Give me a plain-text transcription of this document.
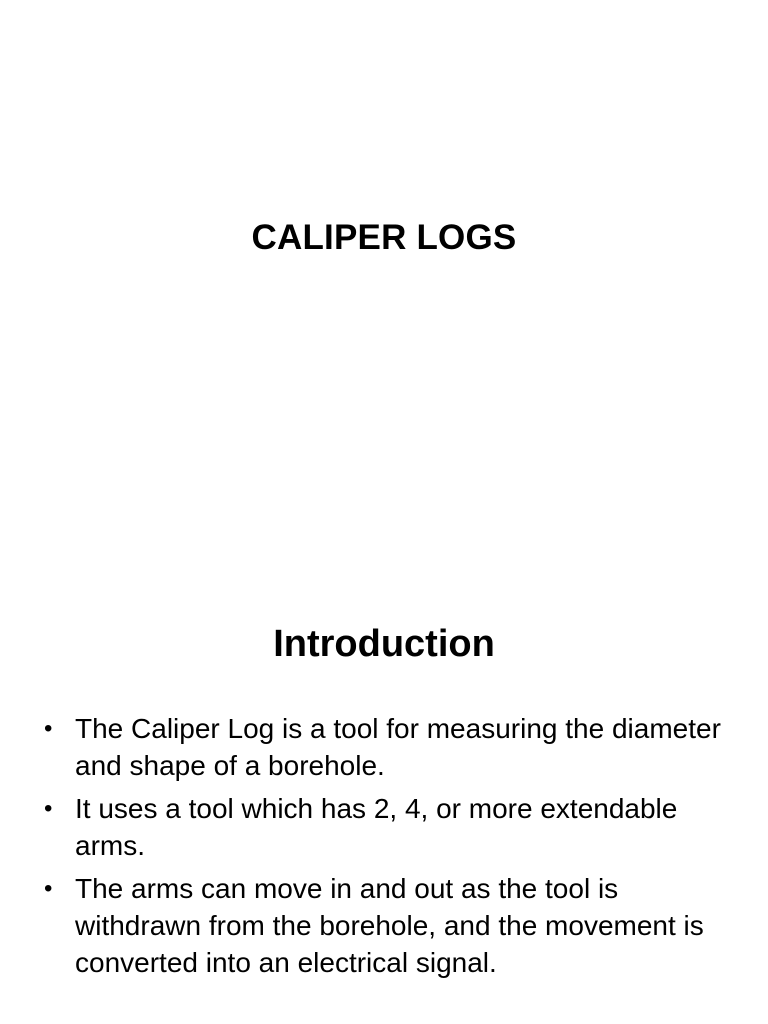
CALIPER LOGS
Introduction
• The Caliper Log is a tool for measuring the diameter and shape of a borehole.
• It uses a tool which has 2, 4, or more extendable arms.
• The arms can move in and out as the tool is withdrawn from the borehole, and the movement is converted into an electrical signal.
